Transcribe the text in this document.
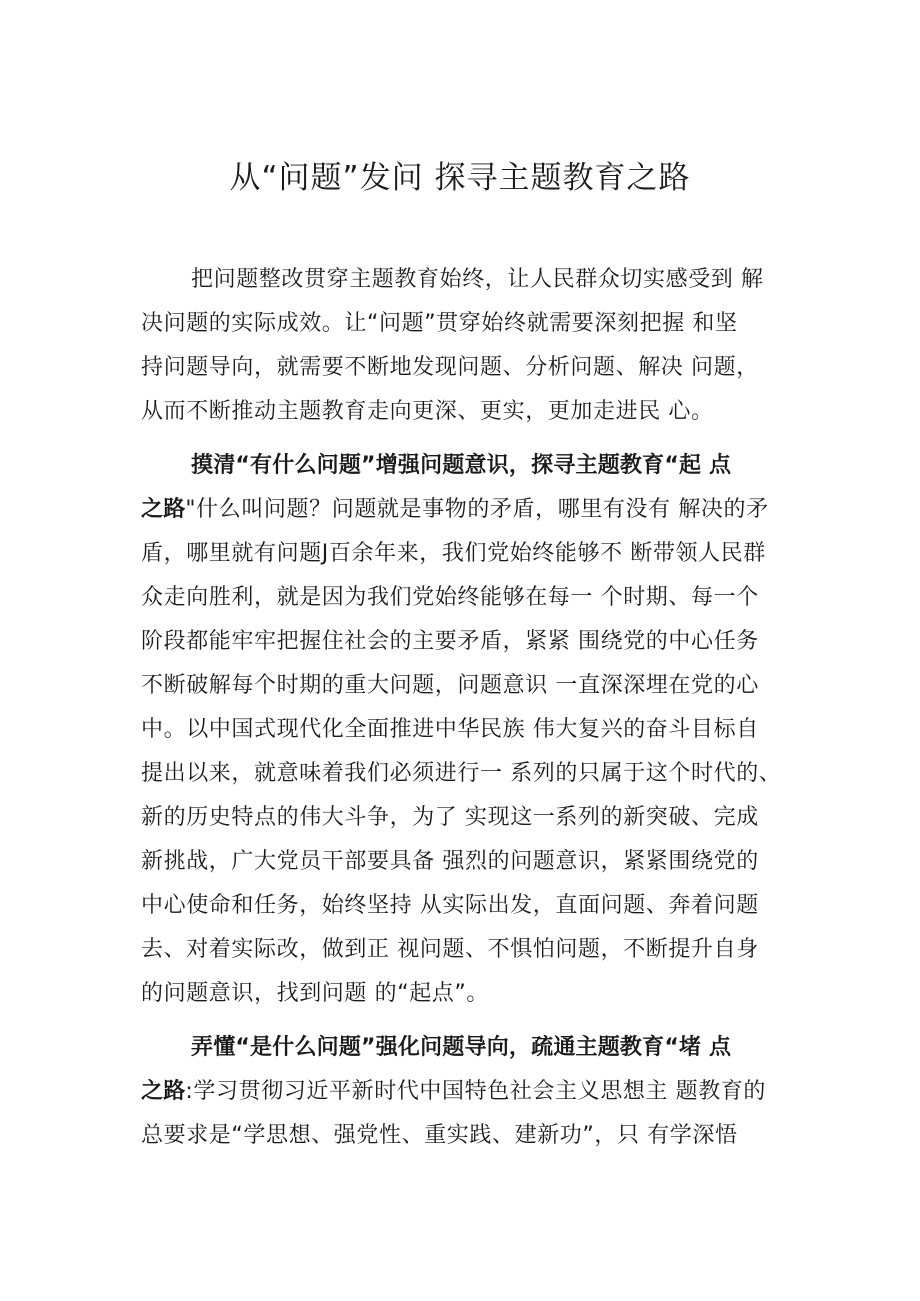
从“问题”发问 探寻主题教育之路
把问题整改贯穿主题教育始终，让人民群众切实感受到 解
决问题的实际成效。让“问题”贯穿始终就需要深刻把握 和坚
持问题导向，就需要不断地发现问题、分析问题、解决 问题，
从而不断推动主题教育走向更深、更实，更加走进民 心。
摸清“有什么问题”增强问题意识，探寻主题教育“起 点
之路"什么叫问题？问题就是事物的矛盾，哪里有没有 解决的矛
盾，哪里就有问题J百余年来，我们党始终能够不 断带领人民群
众走向胜利，就是因为我们党始终能够在每一 个时期、每一个
阶段都能牢牢把握住社会的主要矛盾，紧紧 围绕党的中心任务
不断破解每个时期的重大问题，问题意识 一直深深埋在党的心
中。以中国式现代化全面推进中华民族 伟大复兴的奋斗目标自
提出以来，就意味着我们必须进行一 系列的只属于这个时代的、
新的历史特点的伟大斗争，为了 实现这一系列的新突破、完成
新挑战，广大党员干部要具备 强烈的问题意识，紧紧围绕党的
中心使命和任务，始终坚持 从实际出发，直面问题、奔着问题
去、对着实际改，做到正 视问题、不惧怕问题，不断提升自身
的问题意识，找到问题 的“起点”。
弄懂“是什么问题”强化问题导向，疏通主题教育“堵 点
之路:学习贯彻习近平新时代中国特色社会主义思想主 题教育的
总要求是“学思想、强党性、重实践、建新功”，只 有学深悟
